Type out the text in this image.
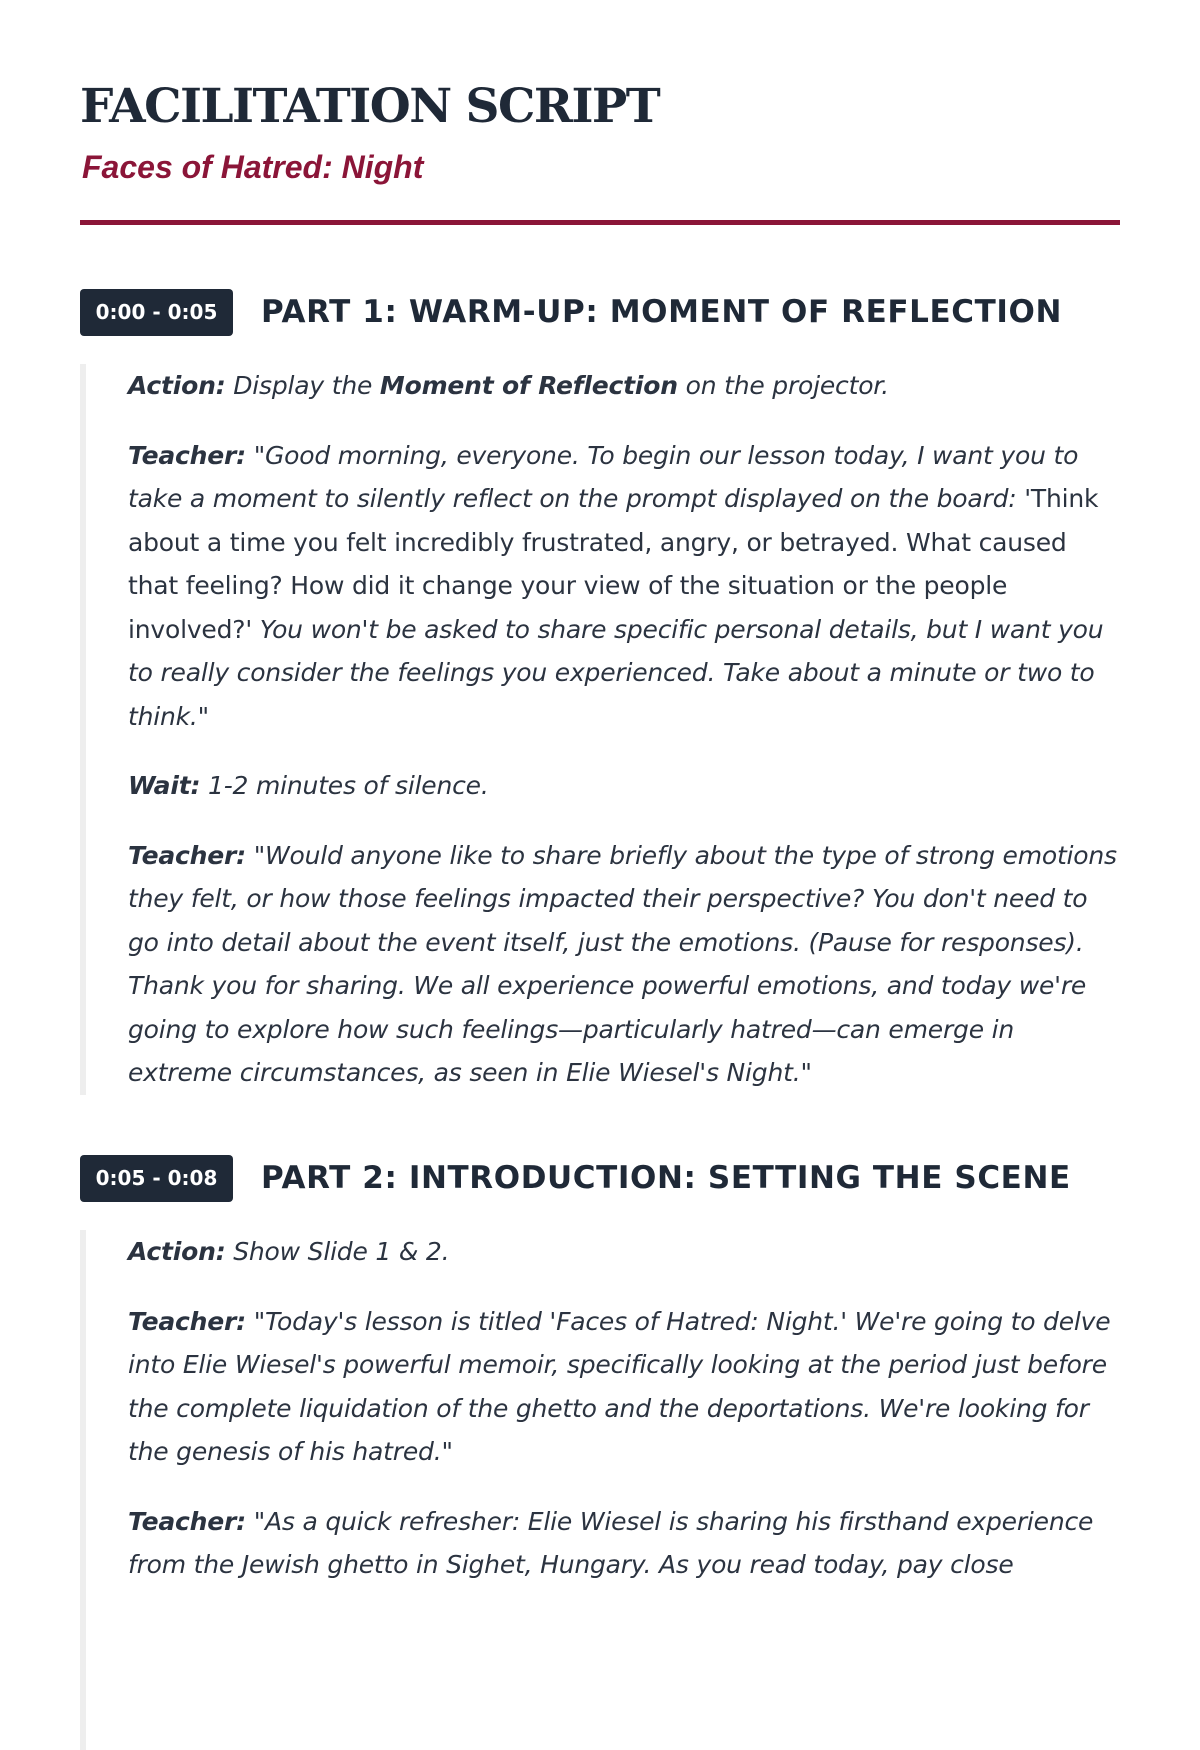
FACILITATION SCRIPT
Faces of Hatred: Night
0:00 - 0:05	PART 1: WARM-UP: MOMENT OF REFLECTION

Action: Display the Moment of Reflection on the projector.

Teacher: "Good morning, everyone. To begin our lesson today, I want you to take a moment to silently reflect on the prompt displayed on the board: 'Think about a time you felt incredibly frustrated, angry, or betrayed. What caused that feeling? How did it change your view of the situation or the people involved?' You won't be asked to share specific personal details, but I want you to really consider the feelings you experienced. Take about a minute or two to think."

Wait: 1-2 minutes of silence.

Teacher: "Would anyone like to share briefly about the type of strong emotions they felt, or how those feelings impacted their perspective? You don't need to go into detail about the event itself, just the emotions. (Pause for responses). Thank you for sharing. We all experience powerful emotions, and today we're going to explore how such feelings—particularly hatred—can emerge in extreme circumstances, as seen in Elie Wiesel's Night."

0:05 - 0:08	PART 2: INTRODUCTION: SETTING THE SCENE

Action: Show Slide 1 & 2.

Teacher: "Today's lesson is titled 'Faces of Hatred: Night.' We're going to delve into Elie Wiesel's powerful memoir, specifically looking at the period just before the complete liquidation of the ghetto and the deportations. We're looking for the genesis of his hatred."

Teacher: "As a quick refresher: Elie Wiesel is sharing his firsthand experience from the Jewish ghetto in Sighet, Hungary. As you read today, pay close
